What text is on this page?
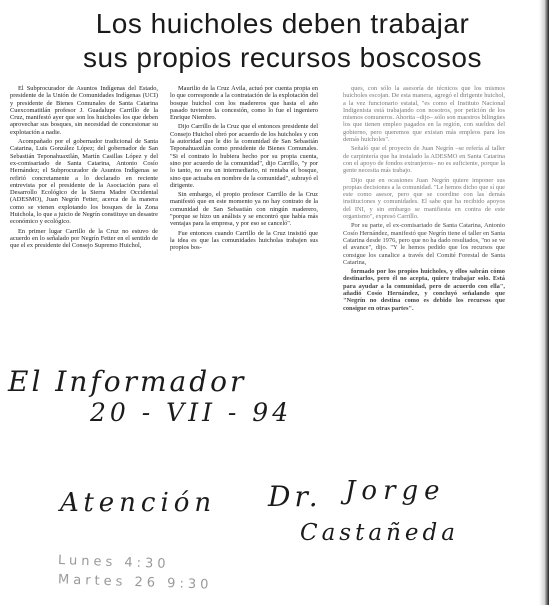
Los huicholes deben trabajar
sus propios recursos boscosos

El Subprocurador de Asuntos Indígenas del Estado, presidente de la Unión de Comunidades Indígenas (UCI) y presidente de Bienes Comunales de Santa Catarina Cuexcomatitlán profesor J. Guadalupe Carrillo de la Cruz, manifestó ayer que son los huicholes los que deben aprovechar sus bosques, sin necesidad de concesionar su explotación a nadie.

Acompañado por el gobernador tradicional de Santa Catarina, Luis González López; del gobernador de San Sebastián Teponahuaxtlán, Martín Casillas López y del ex-comisariado de Santa Catarina, Antonio Cosío Hernández; el Subprocurador de Asuntos Indígenas se refirió concretamente a lo declarado en reciente entrevista por el presidente de la Asociación para el Desarrollo Ecológico de la Sierra Madre Occidental (ADESMO), Juan Negrín Fetter, acerca de la manera como se vienen explotando los bosques de la Zona Huichola, lo que a juicio de Negrín constituye un desastre económico y ecológico.

En primer lugar Carrillo de la Cruz no estuvo de acuerdo en lo señalado por Negrín Fetter en el sentido de que el ex presidente del Consejo Supremo Huichol,

Maurilio de la Cruz Ávila, actuó por cuenta propia en lo que corresponde a la contratación de la explotación del bosque huichol con los madereros que hasta el año pasado tuvieron la concesión, como lo fue el ingeniero Enrique Niembro.

Dijo Carrillo de la Cruz que el entonces presidente del Consejo Huichol obró por acuerdo de los huicholes y con la autoridad que le dio la comunidad de San Sebastián Teponahuaxtlán como presidente de Bienes Comunales. "Si el contrato lo hubiera hecho por su propia cuenta, sino por acuerdo de la comunidad", dijo Carrillo, "y por lo tanto, no era un intermediario, ni rentaba el bosque, sino que actuaba en nombre de la comunidad", subrayó el dirigente.

Sin embargo, el propio profesor Carrillo de la Cruz manifestó que en este momento ya no hay contrato de la comunidad de San Sebastián con ningún maderero, "porque se hizo un análisis y se encontró que había más ventajas para la empresa, y por eso se canceló".

Fue entonces cuando Carrillo de la Cruz insistió que la idea es que las comunidades huicholas trabajen sus propios bos-

ques, con sólo la asesoría de técnicos que los mismos huicholes escojan. De esta manera, agregó el dirigente huichol, a la vez funcionario estatal, "es como el Instituto Nacional Indigenista está trabajando con nosotros, por petición de los mismos comuneros. Ahorita –dijo– sólo son maestros bilingües los que tienen empleo pagados en la región, con sueldos del gobierno, pero queremos que existan más empleos para los demás huicholes".

Señaló que el proyecto de Juan Negrín –se refería al taller de carpintería que ha instalado la ADESMO en Santa Catarina con el apoyo de fondos extranjeros– no es suficiente, porque la gente necesita más trabajo.

Dijo que en ocasiones Juan Negrín quiere imponer sus propias decisiones a la comunidad. "Le hemos dicho que sí que este como asesor, pero que se coordine con las demás instituciones y comunidades. El sabe que ha recibido apoyos del INI, y sin embargo se manifiesta en contra de este organismo", expresó Carrillo.

Por su parte, el ex-comisariado de Santa Catarina, Antonio Cosío Hernández, manifestó que Negrín tiene el taller en Santa Catarina desde 1976, pero que no ha dado resultados, "no se ve el avance", dijo. "Y le hemos pedido que los recursos que consigue los canalice a través del Comité Forestal de Santa Catarina,

formado por los propios huicholes, y ellos sabrán cómo destinarlos, pero él no acepta, quiere trabajar solo. Está para ayudar a la comunidad, pero de acuerdo con ella", añadió Cosío Hernández, y concluyó señalando que "Negrín no destina como es debido los recursos que consigue en otras partes".

El Informador
20 - VII - 94
Atención Dr. Jorge
Castañeda
Lunes 4:30
Martes 26 9:30
